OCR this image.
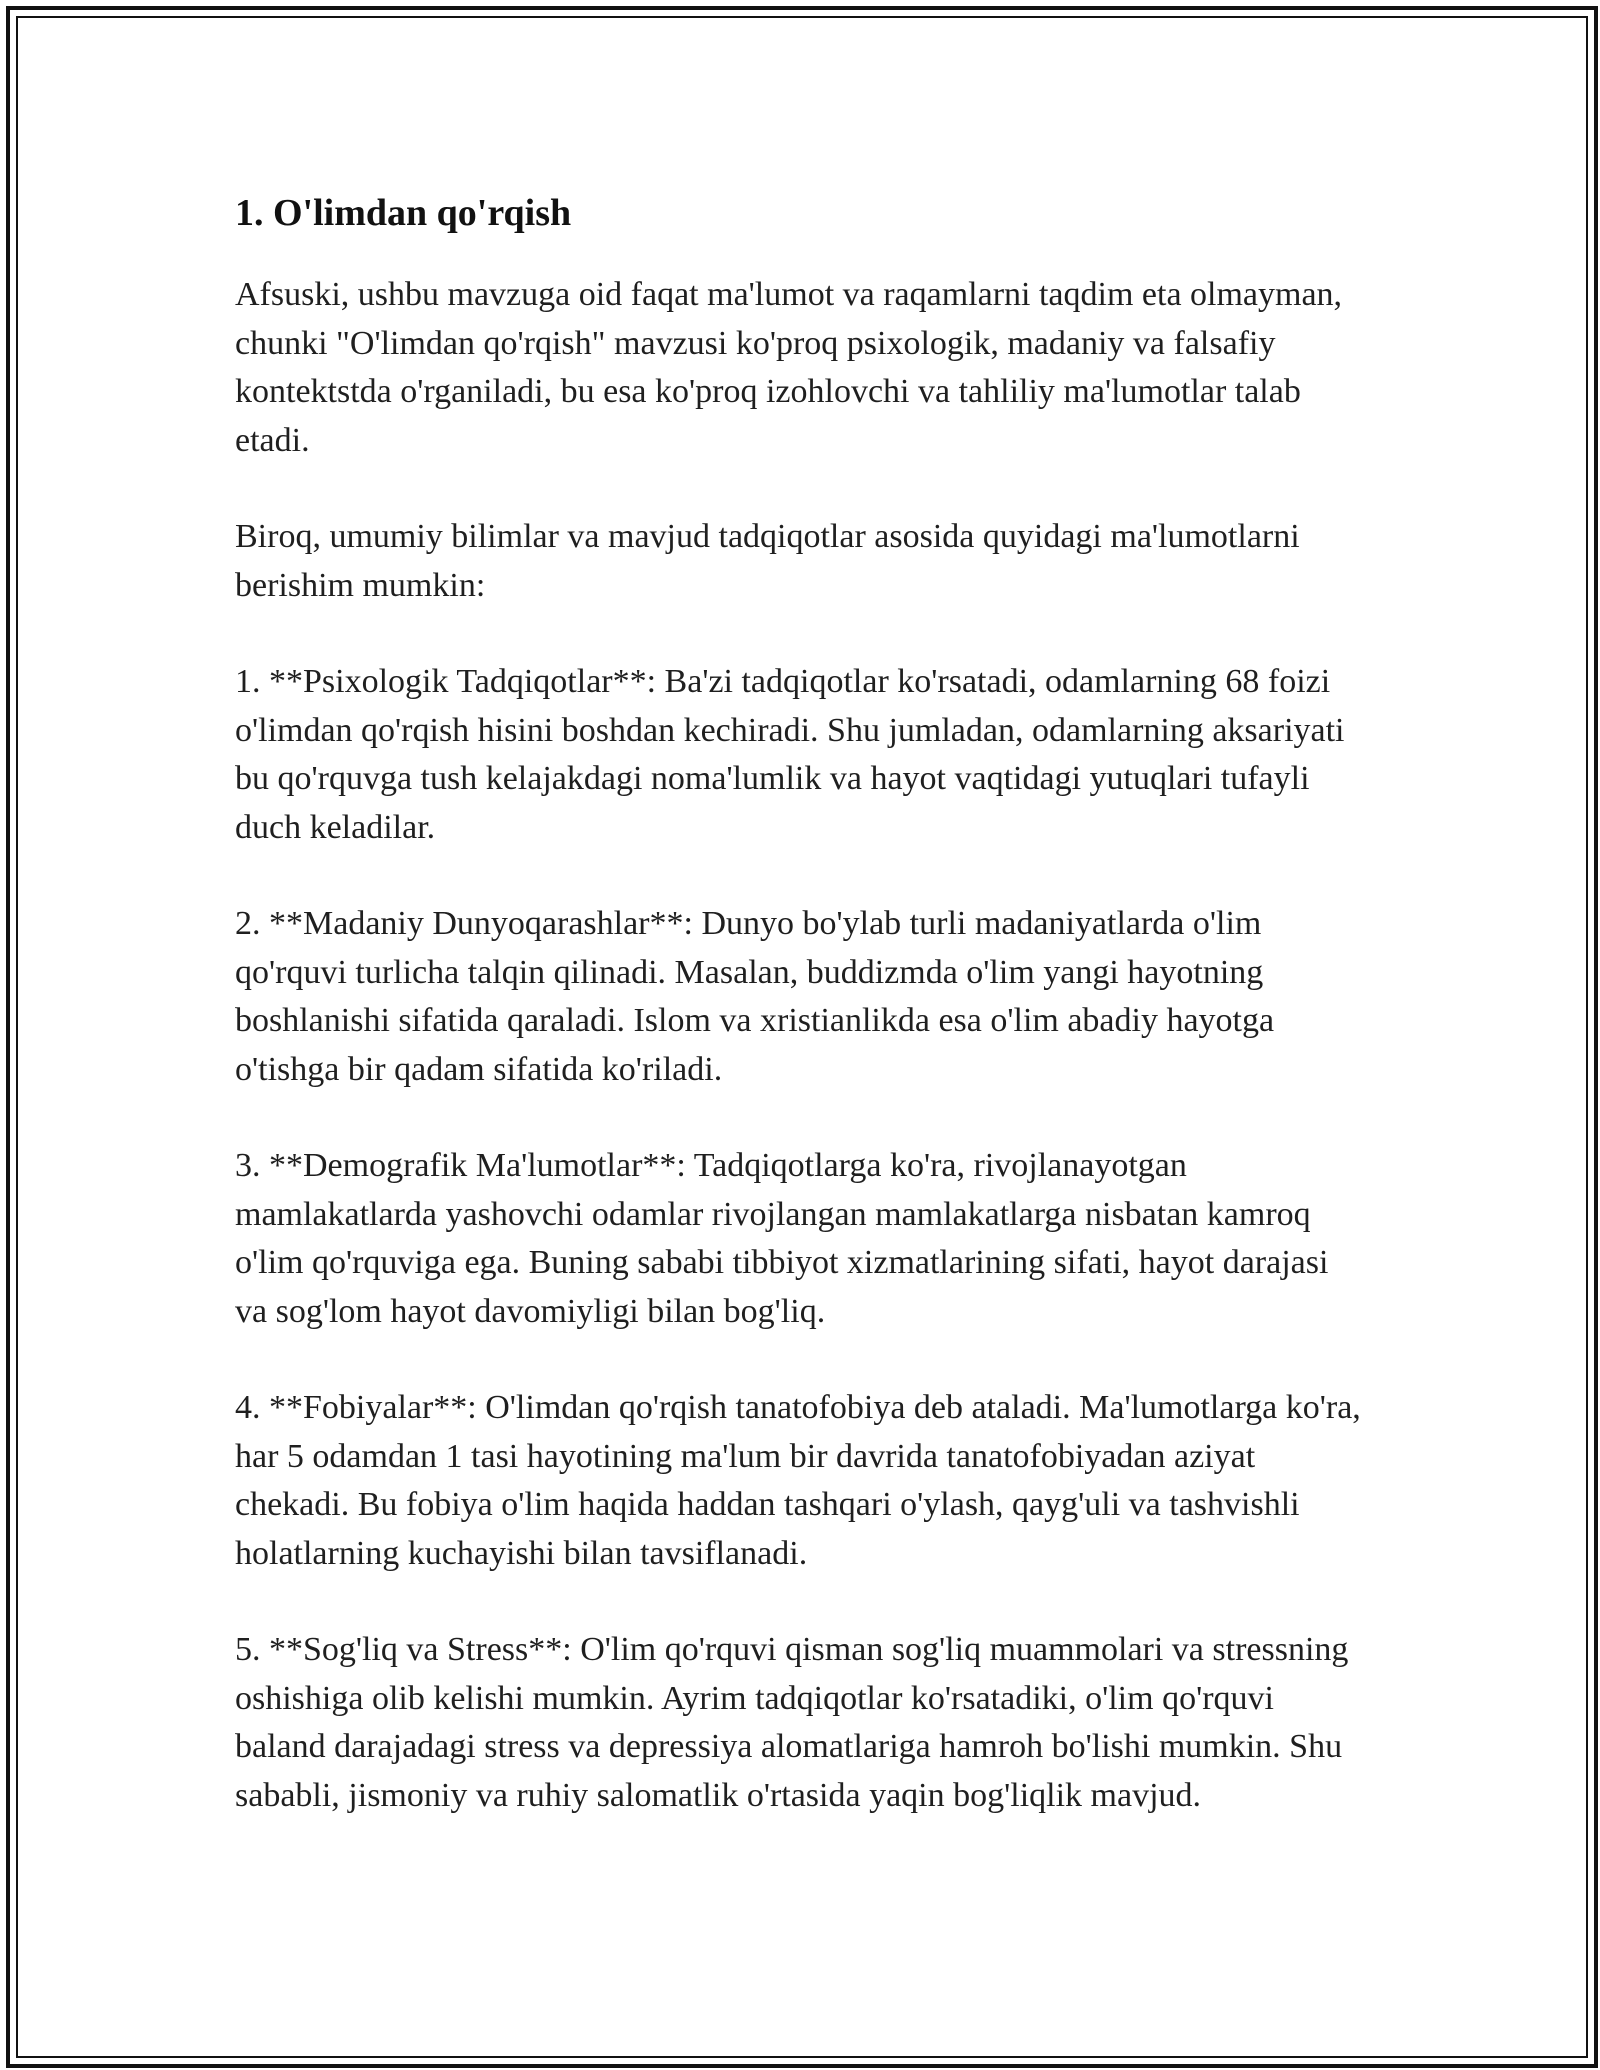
1. O'limdan qo'rqish

Afsuski, ushbu mavzuga oid faqat ma'lumot va raqamlarni taqdim eta olmayman, chunki "O'limdan qo'rqish" mavzusi ko'proq psixologik, madaniy va falsafiy kontektstda o'rganiladi, bu esa ko'proq izohlovchi va tahliliy ma'lumotlar talab etadi.

Biroq, umumiy bilimlar va mavjud tadqiqotlar asosida quyidagi ma'lumotlarni berishim mumkin:

1. **Psixologik Tadqiqotlar**: Ba'zi tadqiqotlar ko'rsatadi, odamlarning 68 foizi o'limdan qo'rqish hisini boshdan kechiradi. Shu jumladan, odamlarning aksariyati bu qo'rquvga tush kelajakdagi noma'lumlik va hayot vaqtidagi yutuqlari tufayli duch keladilar.

2. **Madaniy Dunyoqarashlar**: Dunyo bo'ylab turli madaniyatlarda o'lim qo'rquvi turlicha talqin qilinadi. Masalan, buddizmda o'lim yangi hayotning boshlanishi sifatida qaraladi. Islom va xristianlikda esa o'lim abadiy hayotga o'tishga bir qadam sifatida ko'riladi.

3. **Demografik Ma'lumotlar**: Tadqiqotlarga ko'ra, rivojlanayotgan mamlakatlarda yashovchi odamlar rivojlangan mamlakatlarga nisbatan kamroq o'lim qo'rquviga ega. Buning sababi tibbiyot xizmatlarining sifati, hayot darajasi va sog'lom hayot davomiyligi bilan bog'liq.

4. **Fobiyalar**: O'limdan qo'rqish tanatofobiya deb ataladi. Ma'lumotlarga ko'ra, har 5 odamdan 1 tasi hayotining ma'lum bir davrida tanatofobiyadan aziyat chekadi. Bu fobiya o'lim haqida haddan tashqari o'ylash, qayg'uli va tashvishli holatlarning kuchayishi bilan tavsiflanadi.

5. **Sog'liq va Stress**: O'lim qo'rquvi qisman sog'liq muammolari va stressning oshishiga olib kelishi mumkin. Ayrim tadqiqotlar ko'rsatadiki, o'lim qo'rquvi baland darajadagi stress va depressiya alomatlariga hamroh bo'lishi mumkin. Shu sababli, jismoniy va ruhiy salomatlik o'rtasida yaqin bog'liqlik mavjud.
